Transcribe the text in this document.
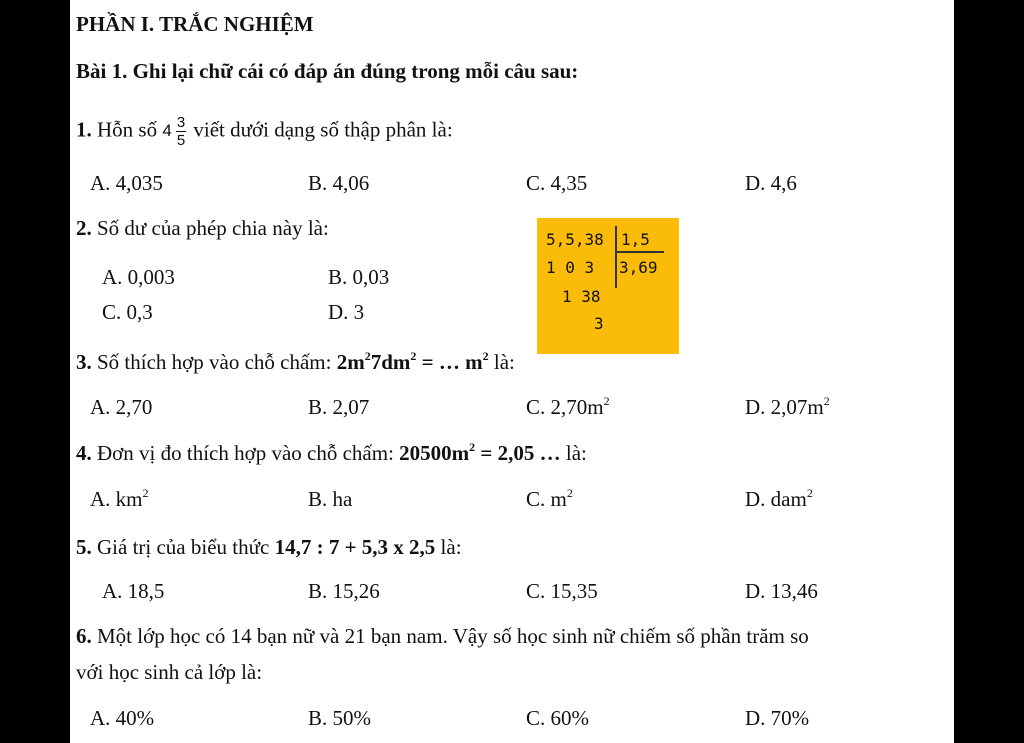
PHẦN I. TRẮC NGHIỆM
Bài 1. Ghi lại chữ cái có đáp án đúng trong mỗi câu sau:
1. Hỗn số $4 \frac{3}{5}$ viết dưới dạng số thập phân là:
A. 4,035	B. 4,06	C. 4,35	D. 4,6
2. Số dư của phép chia này là:
A. 0,003	B. 0,03
C. 0,3	D. 3
5,5,38 1,5
1 0 3 3,69
1 38
3
3. Số thích hợp vào chỗ chấm: $2m^27dm^2$ = … $m^2$ là:
A. 2,70	B. 2,07	C. $2,70m^2$	D. $2,07m^2$
4. Đơn vị đo thích hợp vào chỗ chấm: $20500m^2 = 2,05$ … là:
A. $km^2$	B. ha	C. $m^2$	D. dam$^2$
5. Giá trị của biểu thức 14,7 : 7 + 5,3 x 2,5 là:
A. 18,5	B. 15,26	C. 15,35	D. 13,46
6. Một lớp học có 14 bạn nữ và 21 bạn nam. Vậy số học sinh nữ chiếm số phần trăm so
với học sinh cả lớp là:
A. 40%	B. 50%	C. 60%	D. 70%
